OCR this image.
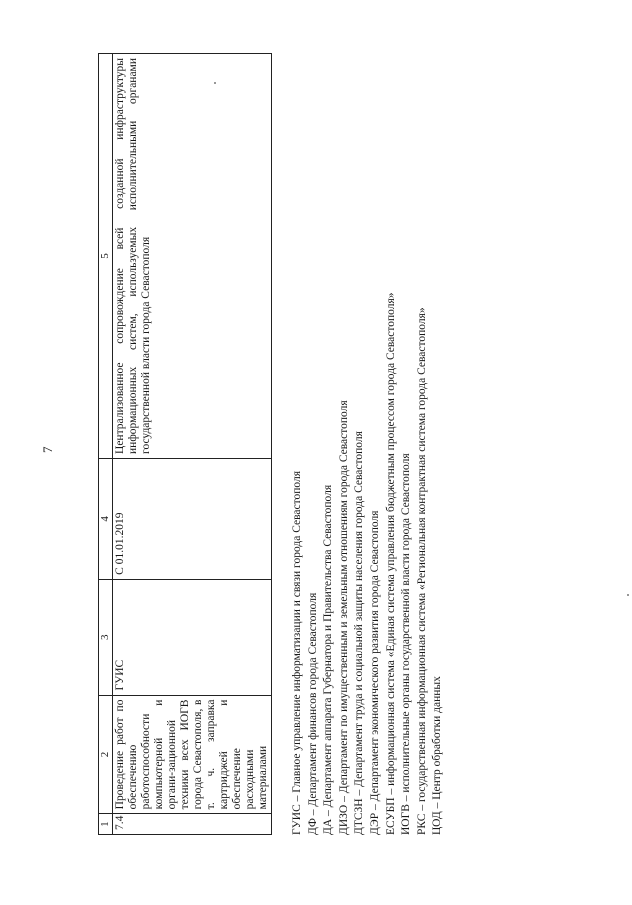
7
1	2	3	4	5
7.4	Проведение работ по обеспечению работоспособности компьютерной и органи-зационной техники всех ИОГВ города Севастополя, в т. ч. заправка картриджей и обеспечение расходными материалами	ГУИС	С 01.01.2019	Централизованное сопровождение всей созданной инфраструктуры информационных систем, используемых исполнительными органами государственной власти города Севастополя
ГУИС – Главное управление информатизации и связи города Севастополя ДФ – Департамент финансов города Севастополя ДА – Департамент аппарата Губернатора и Правительства Севастополя ДИЗО – Департамент по имущественным и земельным отношениям города Севастополя ДТСЗН – Департамент труда и социальной защиты населения города Севастополя ДЭР – Департамент экономического развития города Севастополя ЕСУБП – информационная система «Единая система управления бюджетным процессом города Севастополя» ИОГВ – исполнительные органы государственной власти города Севастополя РКС – государственная информационная система «Региональная контрактная система города Севастополя» ЦОД – Центр обработки данных
